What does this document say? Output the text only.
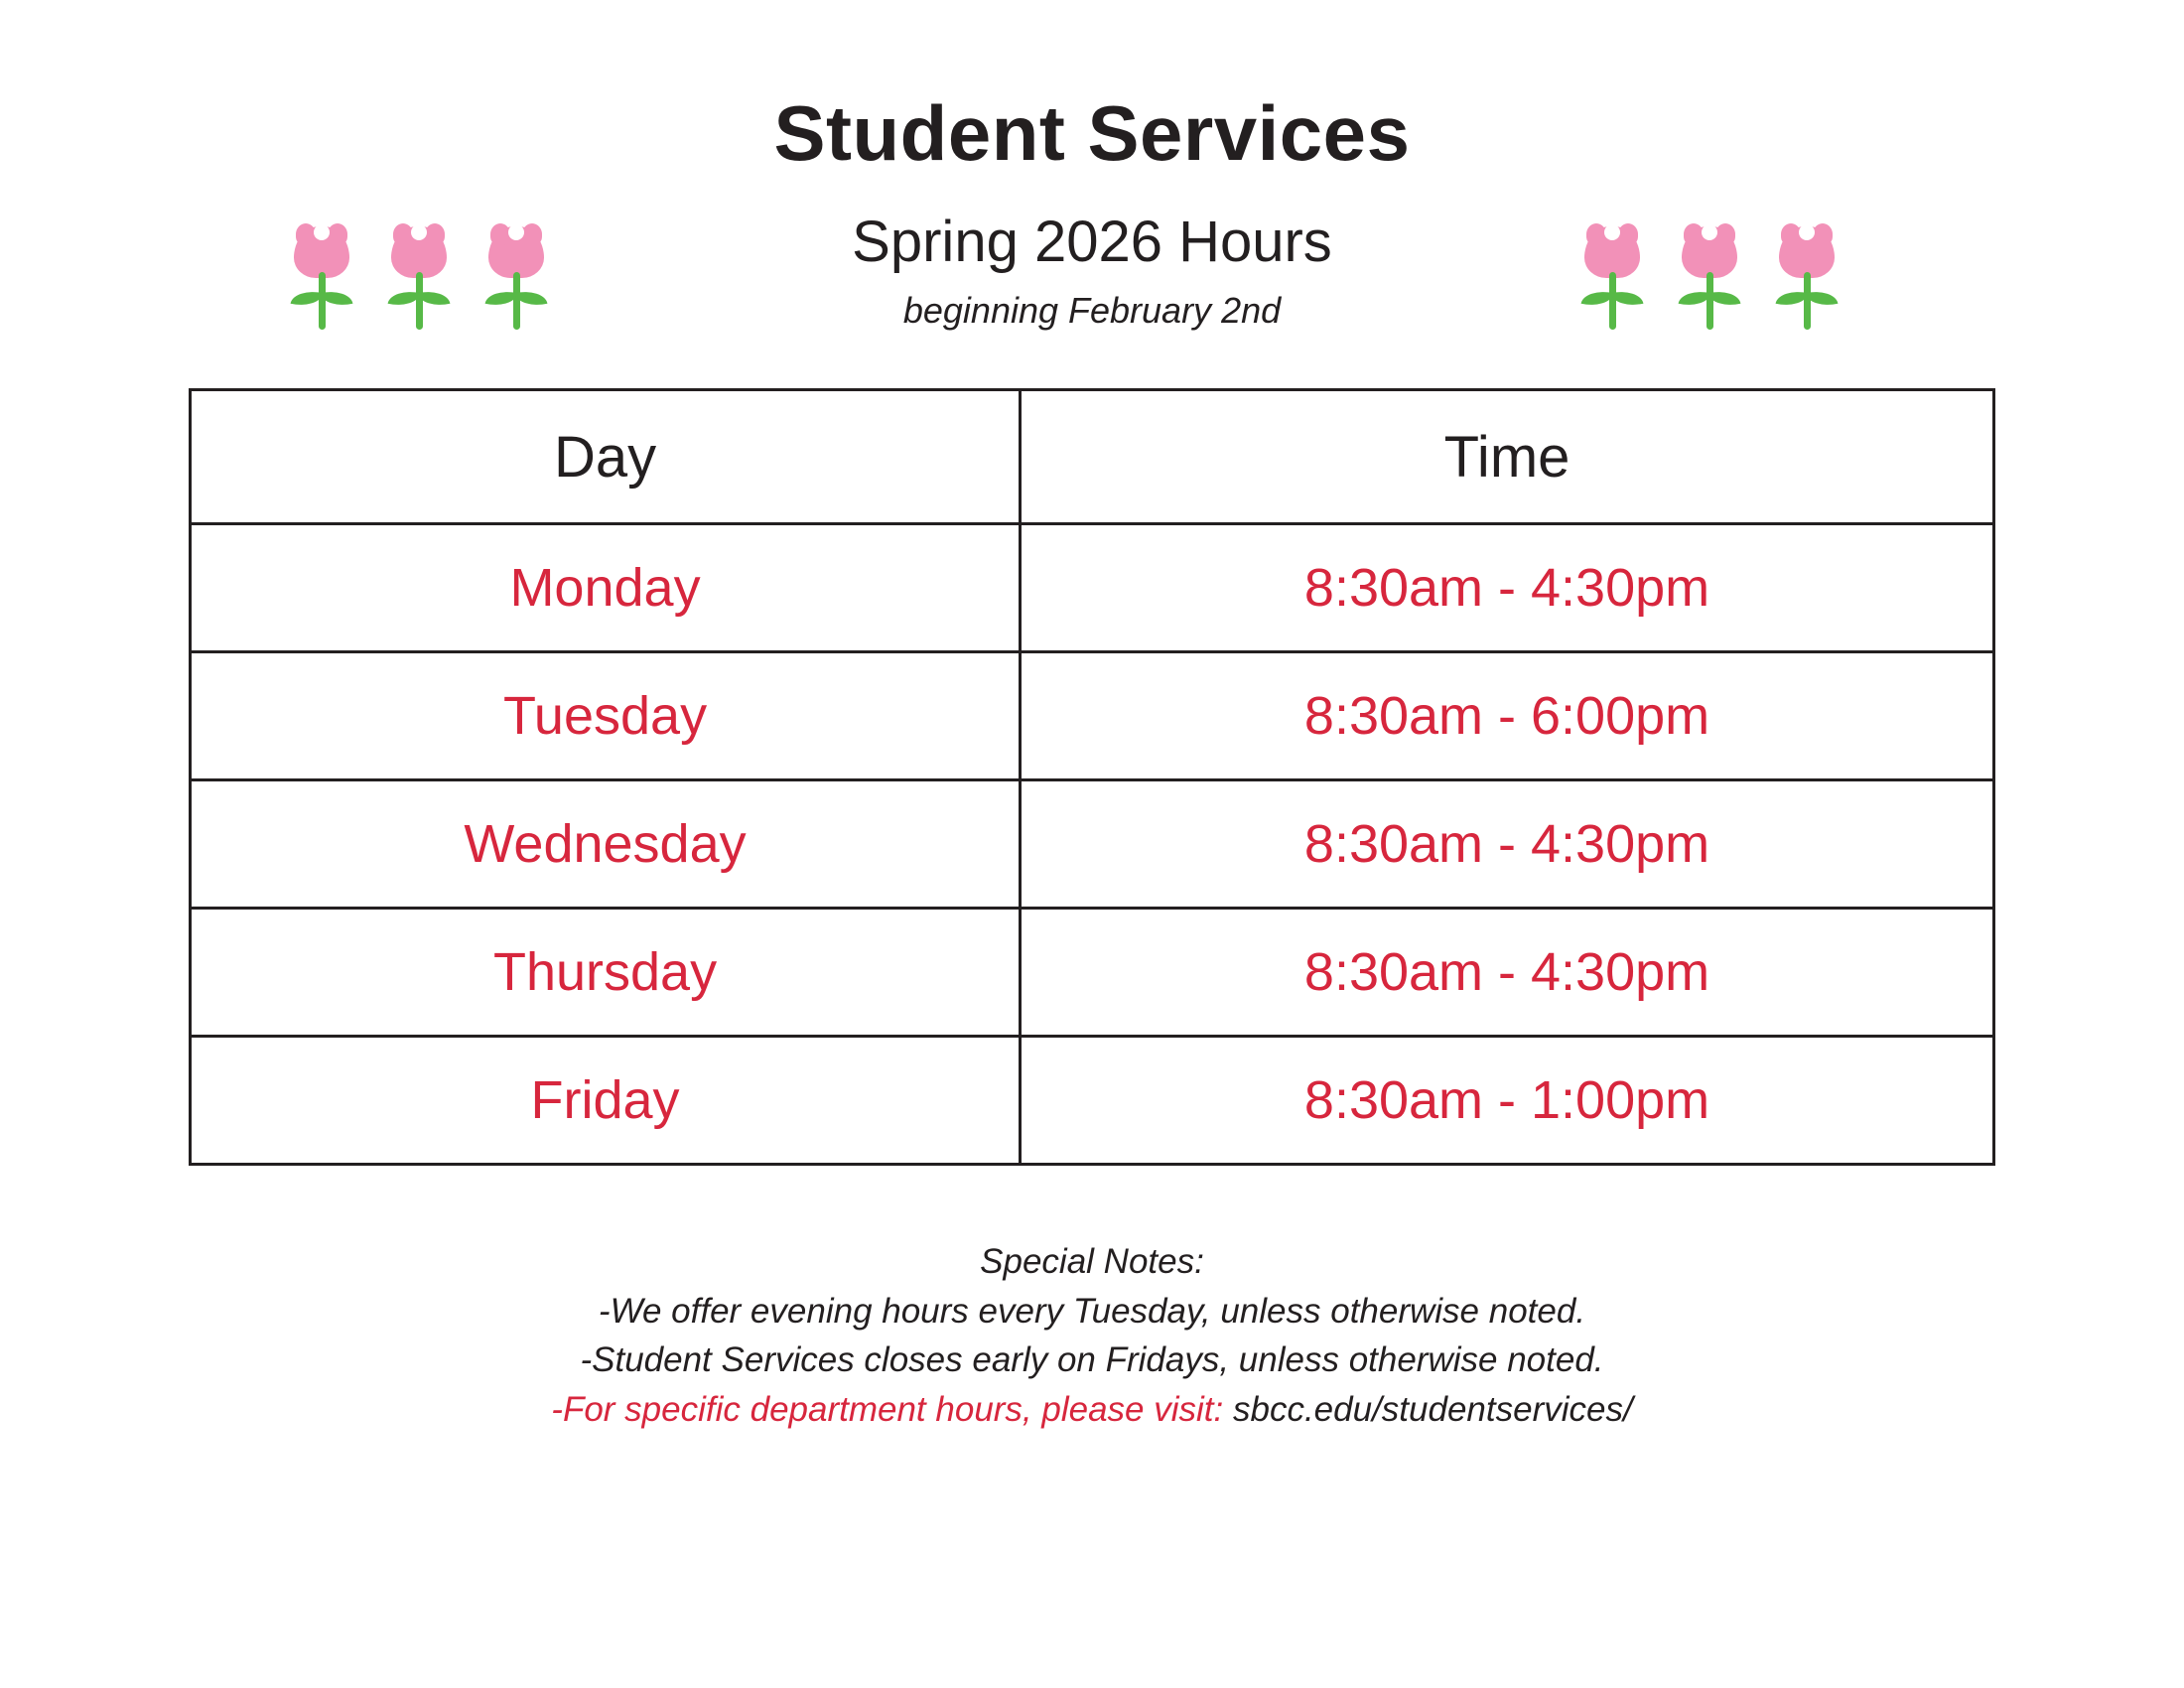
Student Services
Spring 2026 Hours
beginning February 2nd
Day	Time
Monday	8:30am - 4:30pm
Tuesday	8:30am - 6:00pm
Wednesday	8:30am - 4:30pm
Thursday	8:30am - 4:30pm
Friday	8:30am - 1:00pm
Special Notes:
-We offer evening hours every Tuesday, unless otherwise noted.
-Student Services closes early on Fridays, unless otherwise noted.
-For specific department hours, please visit: sbcc.edu/studentservices/
